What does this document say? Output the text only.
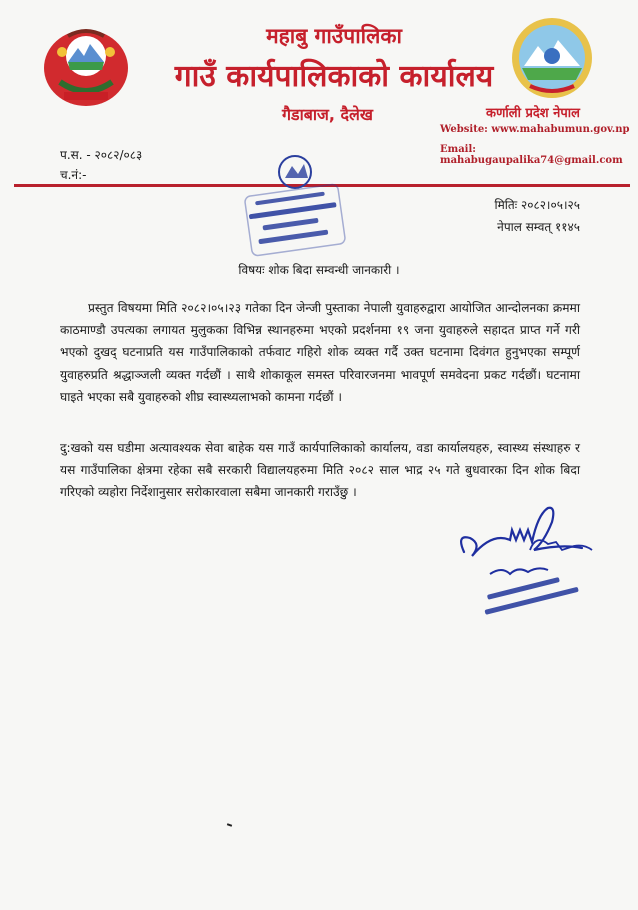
महाबु गाउँपालिका
गाउँ कार्यपालिकाको कार्यालय
गैडाबाज, दैलेख	कर्णाली प्रदेश नेपाल
Website: www.mahabumun.gov.np
Email: mahabugaupalika74@gmail.com
प.स. - २०८२/०८३
च.नं:-
मितिः २०८२।०५।२५
नेपाल सम्वत् ११४५
विषयः शोक बिदा सम्वन्धी जानकारी ।
प्रस्तुत विषयमा मिति २०८२।०५।२३ गतेका दिन जेन्जी पुस्ताका नेपाली युवाहरुद्वारा आयोजित आन्दोलनका क्रममा काठमाण्डौ उपत्यका लगायत मुलुकका विभिन्न स्थानहरुमा भएको प्रदर्शनमा १९ जना युवाहरुले सहादत प्राप्त गर्ने गरी भएको दुखद् घटनाप्रति यस गाउँपालिकाको तर्फवाट गहिरो शोक व्यक्त गर्दै उक्त घटनामा दिवंगत हुनुभएका सम्पूर्ण युवाहरुप्रति श्रद्धाञ्जली व्यक्त गर्दछौं । साथै शोकाकूल समस्त परिवारजनमा भावपूर्ण समवेदना प्रकट गर्दछौं। घटनामा घाइते भएका सबै युवाहरुको शीघ्र स्वास्थ्यलाभको कामना गर्दछौं ।
दु:खको यस घडीमा अत्यावश्यक सेवा बाहेक यस गाउँ कार्यपालिकाको कार्यालय, वडा कार्यालयहरु, स्वास्थ्य संस्थाहरु र यस गाउँपालिका क्षेत्रमा रहेका सबै सरकारी विद्यालयहरुमा मिति २०८२ साल भाद्र २५ गते बुधवारका दिन शोक बिदा गरिएको व्यहोरा निर्देशानुसार सरोकारवाला सबैमा जानकारी गराउँछु ।
